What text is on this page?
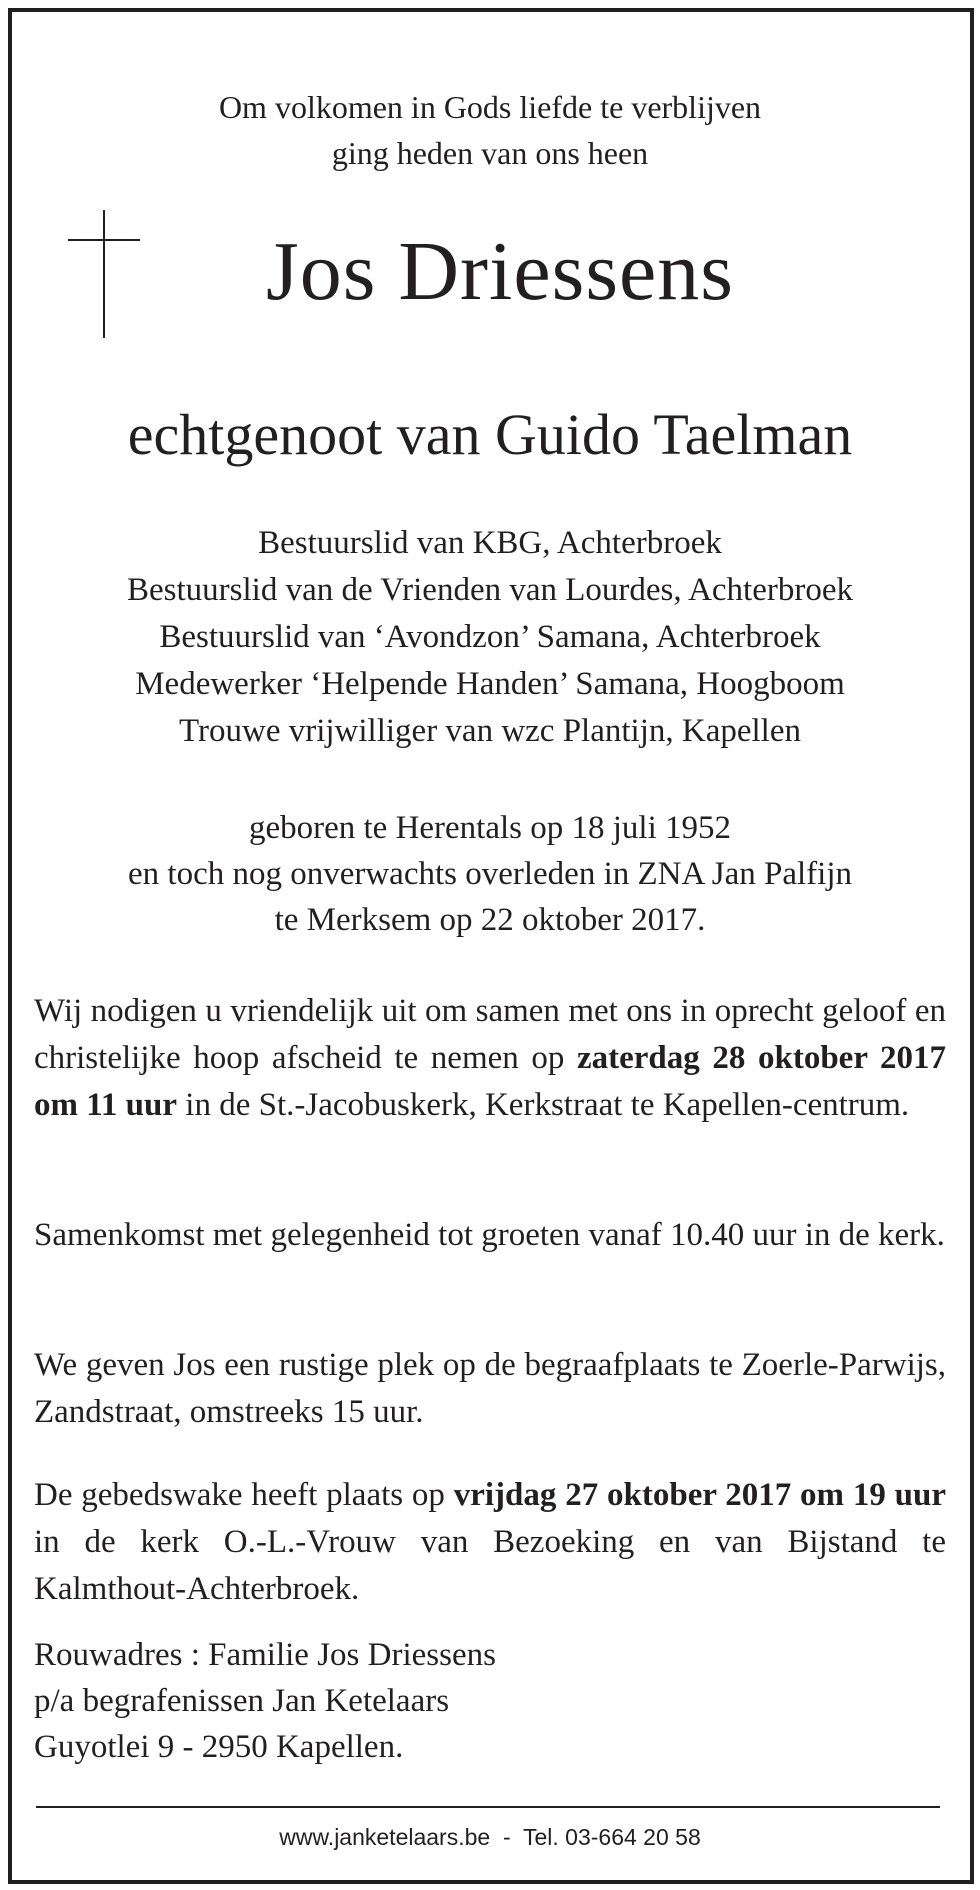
Om volkomen in Gods liefde te verblijven
ging heden van ons heen
Jos Driessens
echtgenoot van Guido Taelman
Bestuurslid van KBG, Achterbroek
Bestuurslid van de Vrienden van Lourdes, Achterbroek
Bestuurslid van ‘Avondzon’ Samana, Achterbroek
Medewerker ‘Helpende Handen’ Samana, Hoogboom
Trouwe vrijwilliger van wzc Plantijn, Kapellen
geboren te Herentals op 18 juli 1952
en toch nog onverwachts overleden in ZNA Jan Palfijn
te Merksem op 22 oktober 2017.
Wij nodigen u vriendelijk uit om samen met ons in oprecht geloof en christelijke hoop afscheid te nemen op zaterdag 28 oktober 2017 om 11 uur in de St.-Jacobuskerk, Kerkstraat te Kapellen-centrum.
Samenkomst met gelegenheid tot groeten vanaf 10.40 uur in de kerk.
We geven Jos een rustige plek op de begraafplaats te Zoerle-Parwijs, Zandstraat, omstreeks 15 uur.
De gebedswake heeft plaats op vrijdag 27 oktober 2017 om 19 uur in de kerk O.-L.-Vrouw van Bezoeking en van Bijstand te Kalmthout-Achterbroek.
Rouwadres : Familie Jos Driessens
p/a begrafenissen Jan Ketelaars
Guyotlei 9 - 2950 Kapellen.
www.janketelaars.be  -  Tel. 03-664 20 58
